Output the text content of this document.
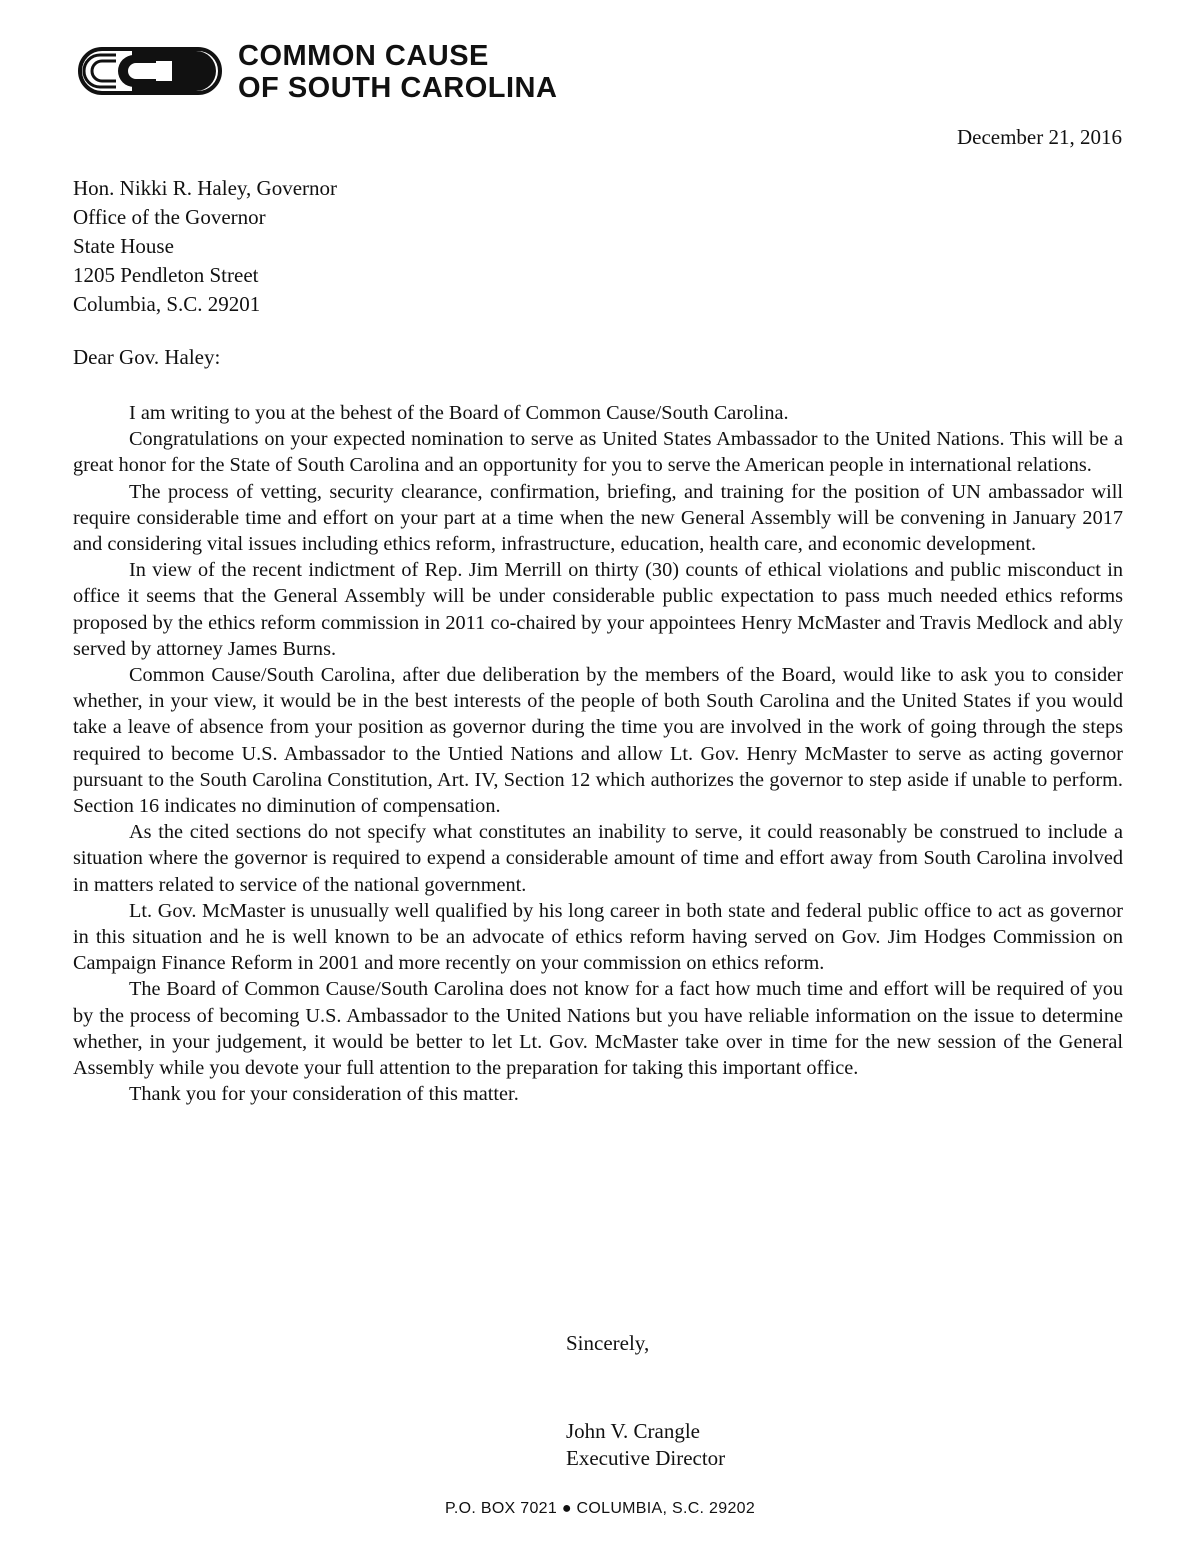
COMMON CAUSE
OF SOUTH CAROLINA
December 21, 2016
Hon. Nikki R. Haley, Governor
Office of the Governor
State House
1205 Pendleton Street
Columbia, S.C. 29201
Dear Gov. Haley:

I am writing to you at the behest of the Board of Common Cause/South Carolina.

Congratulations on your expected nomination to serve as United States Ambassador to the United Nations. This will be a great honor for the State of South Carolina and an opportunity for you to serve the American people in international relations.

The process of vetting, security clearance, confirmation, briefing, and training for the position of UN ambassador will require considerable time and effort on your part at a time when the new General Assembly will be convening in January 2017 and considering vital issues including ethics reform, infrastructure, education, health care, and economic development.

In view of the recent indictment of Rep. Jim Merrill on thirty (30) counts of ethical violations and public misconduct in office it seems that the General Assembly will be under considerable public expectation to pass much needed ethics reforms proposed by the ethics reform commission in 2011 co-chaired by your appointees Henry McMaster and Travis Medlock and ably served by attorney James Burns.

Common Cause/South Carolina, after due deliberation by the members of the Board, would like to ask you to consider whether, in your view, it would be in the best interests of the people of both South Carolina and the United States if you would take a leave of absence from your position as governor during the time you are involved in the work of going through the steps required to become U.S. Ambassador to the Untied Nations and allow Lt. Gov. Henry McMaster to serve as acting governor pursuant to the South Carolina Constitution, Art. IV, Section 12 which authorizes the governor to step aside if unable to perform. Section 16 indicates no diminution of compensation.

As the cited sections do not specify what constitutes an inability to serve, it could reasonably be construed to include a situation where the governor is required to expend a considerable amount of time and effort away from South Carolina involved in matters related to service of the national government.

Lt. Gov. McMaster is unusually well qualified by his long career in both state and federal public office to act as governor in this situation and he is well known to be an advocate of ethics reform having served on Gov. Jim Hodges Commission on Campaign Finance Reform in 2001 and more recently on your commission on ethics reform.

The Board of Common Cause/South Carolina does not know for a fact how much time and effort will be required of you by the process of becoming U.S. Ambassador to the United Nations but you have reliable information on the issue to determine whether, in your judgement, it would be better to let Lt. Gov. McMaster take over in time for the new session of the General Assembly while you devote your full attention to the preparation for taking this important office.

Thank you for your consideration of this matter.

Sincerely,
John V. Crangle
Executive Director
P.O. BOX 7021 ● COLUMBIA, S.C. 29202
